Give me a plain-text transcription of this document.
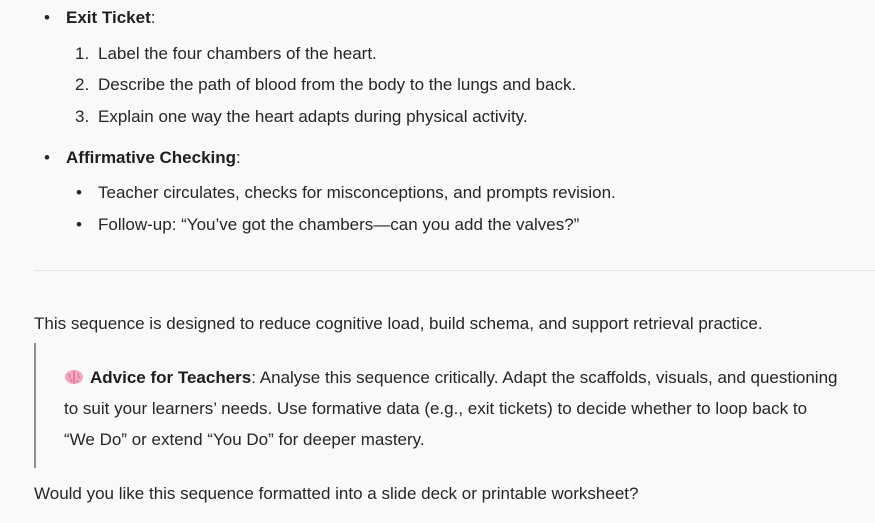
• Exit Ticket:
1. Label the four chambers of the heart.
2. Describe the path of blood from the body to the lungs and back.
3. Explain one way the heart adapts during physical activity.
• Affirmative Checking:
• Teacher circulates, checks for misconceptions, and prompts revision.
• Follow-up: “You’ve got the chambers—can you add the valves?”
This sequence is designed to reduce cognitive load, build schema, and support retrieval practice.
Advice for Teachers: Analyse this sequence critically. Adapt the scaffolds, visuals, and questioning
to suit your learners’ needs. Use formative data (e.g., exit tickets) to decide whether to loop back to
“We Do” or extend “You Do” for deeper mastery.
Would you like this sequence formatted into a slide deck or printable worksheet?
